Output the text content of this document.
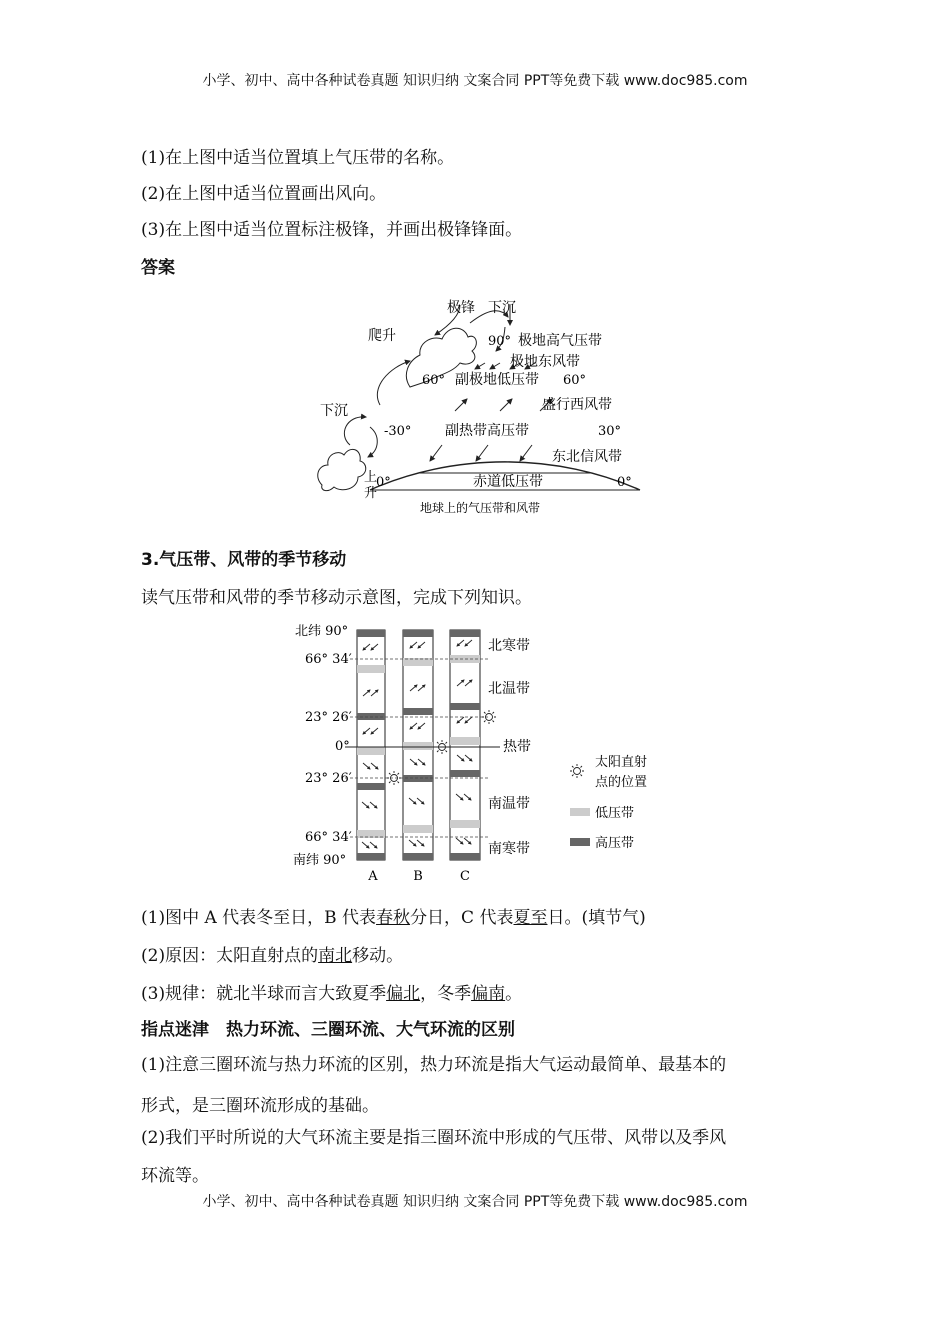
小学、初中、高中各种试卷真题 知识归纳 文案合同 PPT等免费下载 www.doc985.com
(1)在上图中适当位置填上气压带的名称。
(2)在上图中适当位置画出风向。
(3)在上图中适当位置标注极锋，并画出极锋锋面。
答案
极锋 下沉
爬升
下沉
上
升
90° 极地高气压带
极地东风带
60° 副极地低压带 60°
盛行西风带
-30° 副热带高压带	30°
东北信风带
0°	赤道低压带	0°
地球上的气压带和风带
3.气压带、风带的季节移动
读气压带和风带的季节移动示意图，完成下列知识。
北纬 90°
66° 34′
23° 26′
0°
23° 26′
66° 34′
南纬 90°
北寒带
北温带
热带
南温带
南寒带
A	B	C
太阳直射
点的位置
低压带
高压带
(1)图中 A 代表冬至日，B 代表春秋分日，C 代表夏至日。(填节气)
(2)原因：太阳直射点的南北移动。
(3)规律：就北半球而言大致夏季偏北，冬季偏南。
指点迷津　热力环流、三圈环流、大气环流的区别
(1)注意三圈环流与热力环流的区别，热力环流是指大气运动最简单、最基本的
形式，是三圈环流形成的基础。
(2)我们平时所说的大气环流主要是指三圈环流中形成的气压带、风带以及季风
环流等。
小学、初中、高中各种试卷真题 知识归纳 文案合同 PPT等免费下载 www.doc985.com
